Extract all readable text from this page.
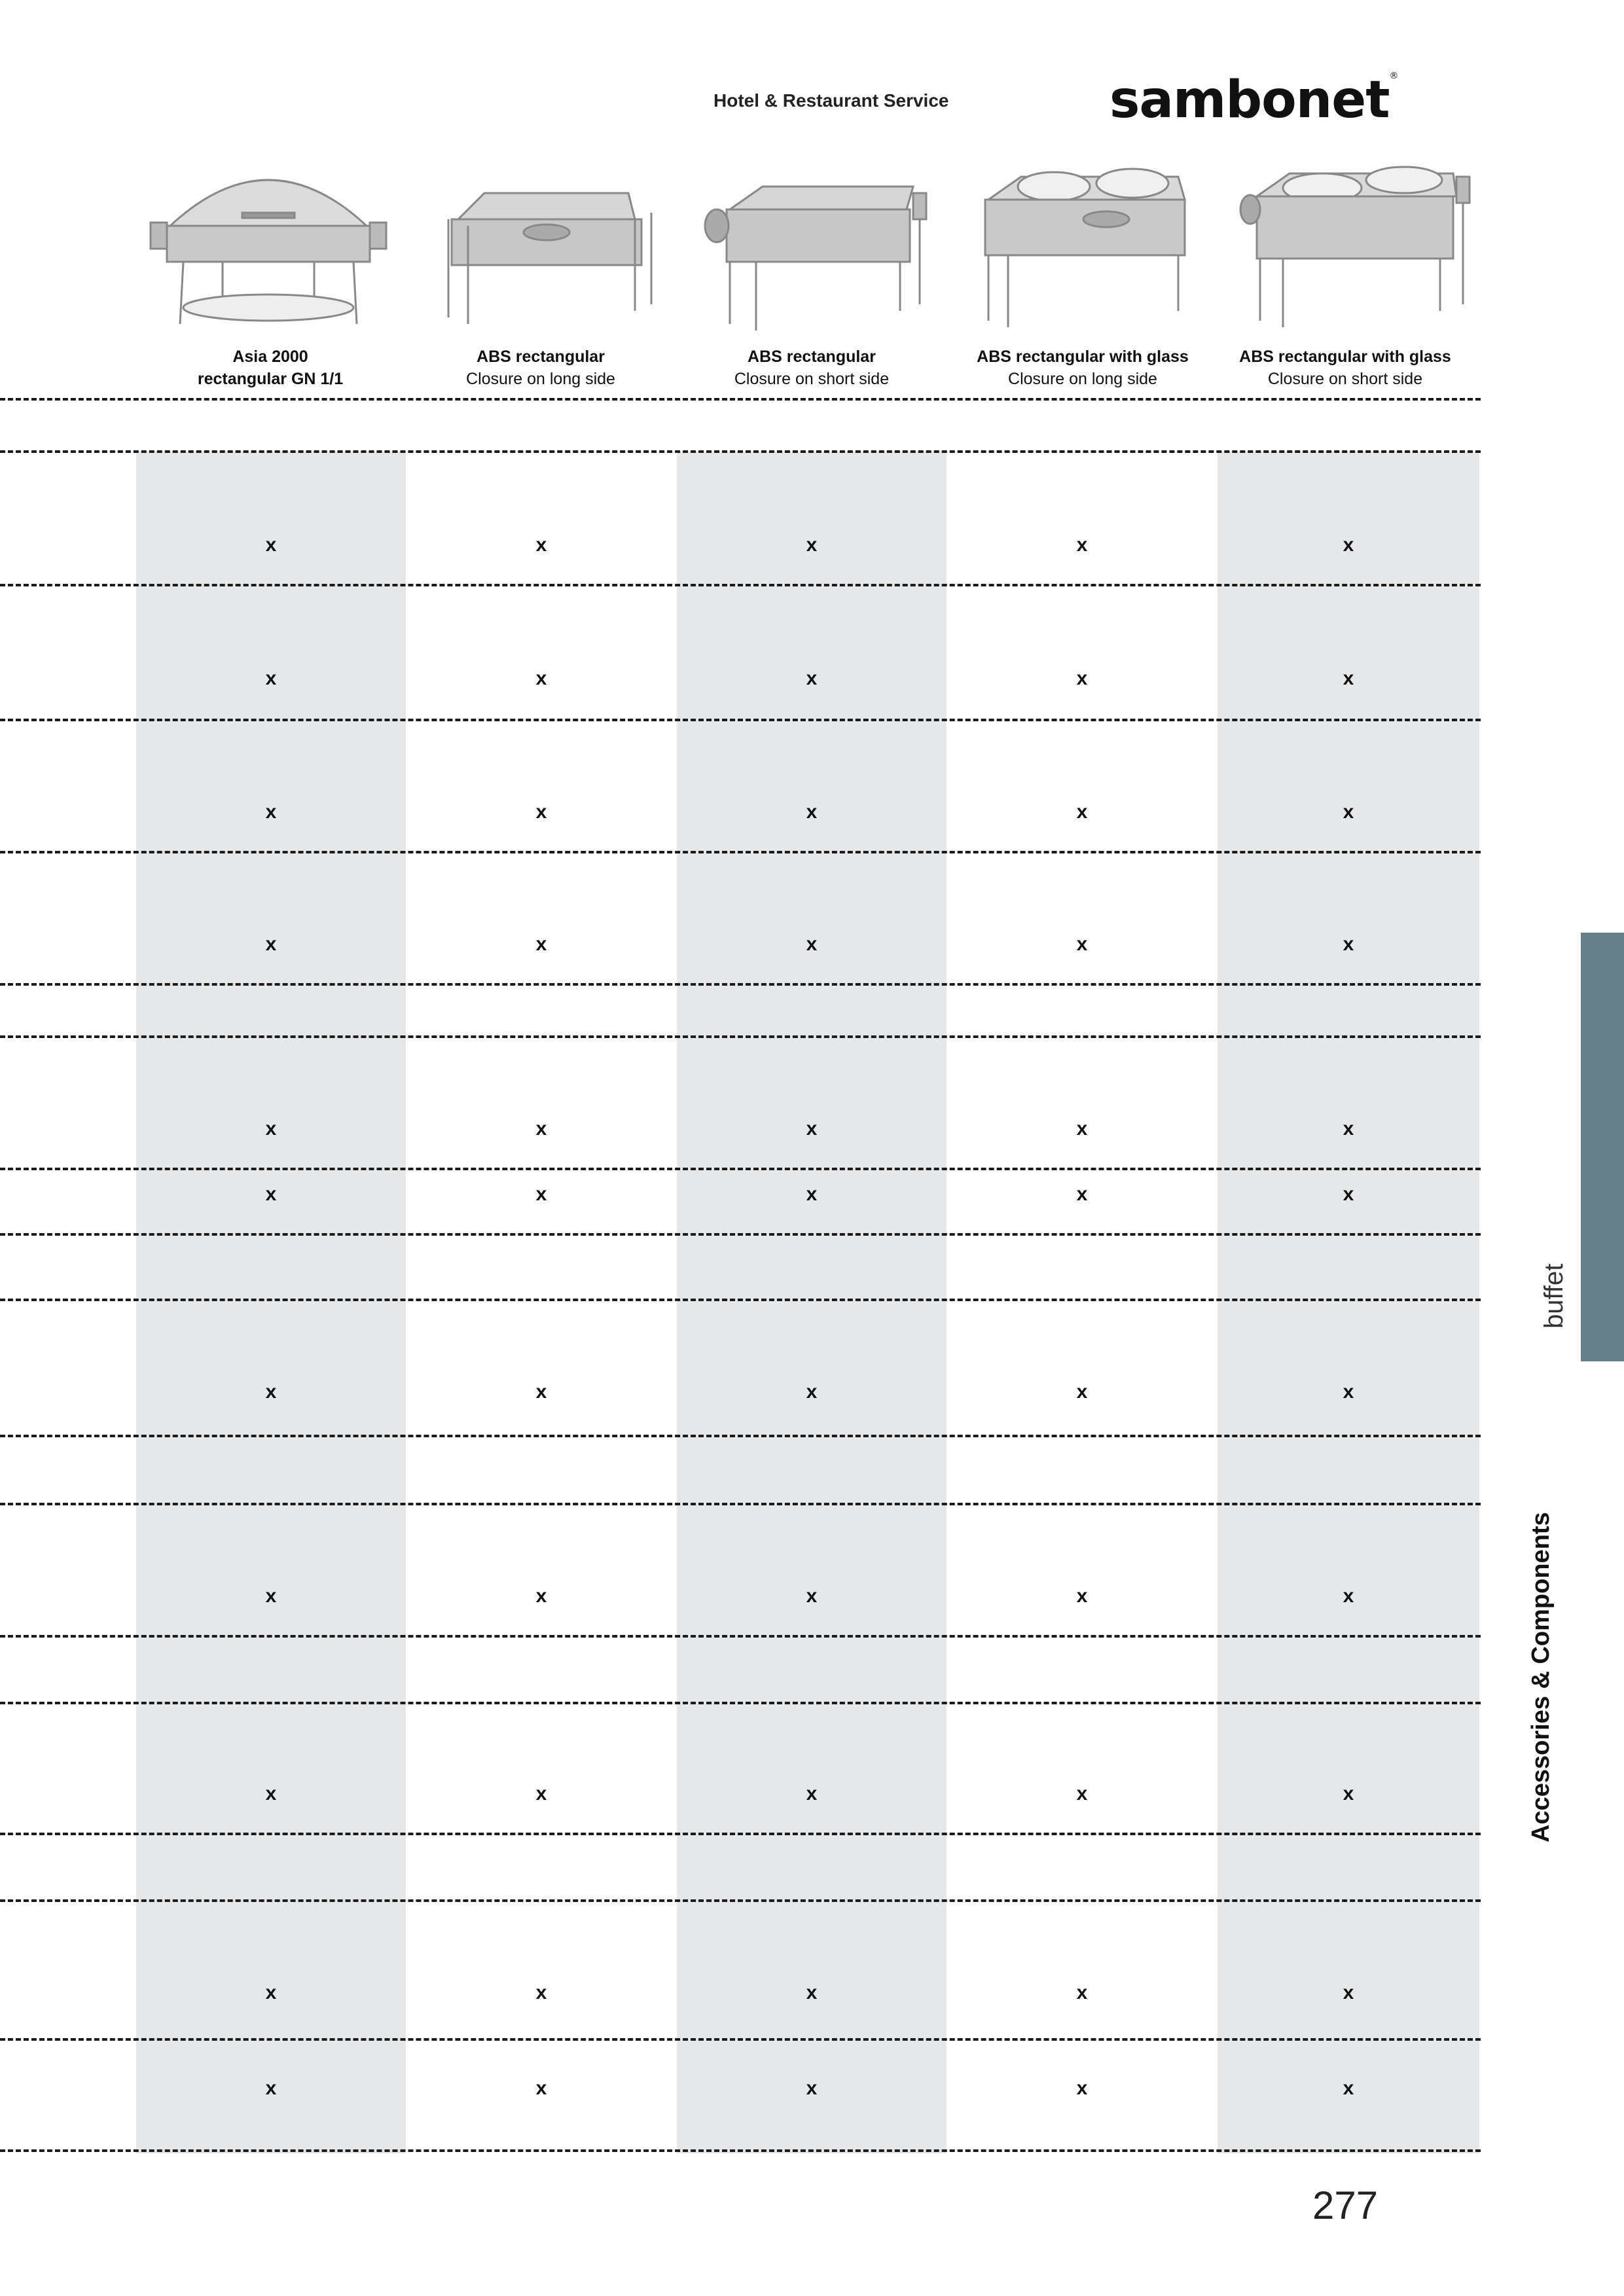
Hotel & Restaurant Service	sambonet®
Asia 2000
rectangular GN 1/1
ABS rectangular
Closure on long side
ABS rectangular
Closure on short side
ABS rectangular with glass
Closure on long side
ABS rectangular with glass
Closure on short side
x	x	x	x	x
x	x	x	x	x
x	x	x	x	x
x	x	x	x	x
x	x	x	x	x
x	x	x	x	x
x	x	x	x	x
x	x	x	x	x
x	x	x	x	x
x	x	x	x	x
x	x	x	x	x
buffet
Accessories & Components
277
